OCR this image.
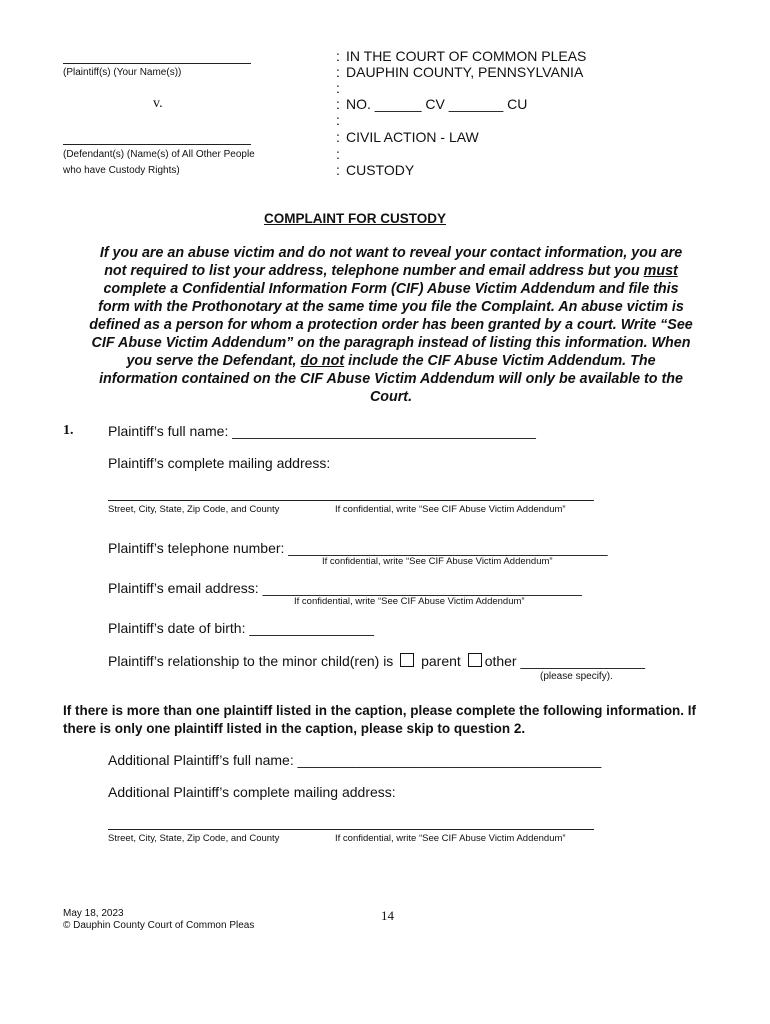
(Plaintiff(s) (Your Name(s))
v.
(Defendant(s) (Name(s) of All Other People
who have Custody Rights)
:
:
:
:
:
:
:
:
IN THE COURT OF COMMON PLEAS
DAUPHIN COUNTY, PENNSYLVANIA
NO. ______ CV _______ CU
CIVIL ACTION - LAW
CUSTODY
COMPLAINT FOR CUSTODY
If you are an abuse victim and do not want to reveal your contact information, you are not required to list your address, telephone number and email address but you must complete a Confidential Information Form (CIF) Abuse Victim Addendum and file this form with the Prothonotary at the same time you file the Complaint. An abuse victim is defined as a person for whom a protection order has been granted by a court. Write “See CIF Abuse Victim Addendum” on the paragraph instead of listing this information. When you serve the Defendant, do not include the CIF Abuse Victim Addendum. The information contained on the CIF Abuse Victim Addendum will only be available to the Court.
1. Plaintiff’s full name: _______________________________________
Plaintiff’s complete mailing address:
Street, City, State, Zip Code, and County	If confidential, write “See CIF Abuse Victim Addendum”
Plaintiff’s telephone number: _________________________________________
If confidential, write “See CIF Abuse Victim Addendum”
Plaintiff’s email address: _________________________________________
If confidential, write “See CIF Abuse Victim Addendum”
Plaintiff’s date of birth: ________________
Plaintiff’s relationship to the minor child(ren) is parent other ________________
(please specify).
If there is more than one plaintiff listed in the caption, please complete the following information. If there is only one plaintiff listed in the caption, please skip to question 2.
Additional Plaintiff’s full name: _______________________________________
Additional Plaintiff’s complete mailing address:
Street, City, State, Zip Code, and County	If confidential, write “See CIF Abuse Victim Addendum”
May 18, 2023
© Dauphin County Court of Common Pleas
14
